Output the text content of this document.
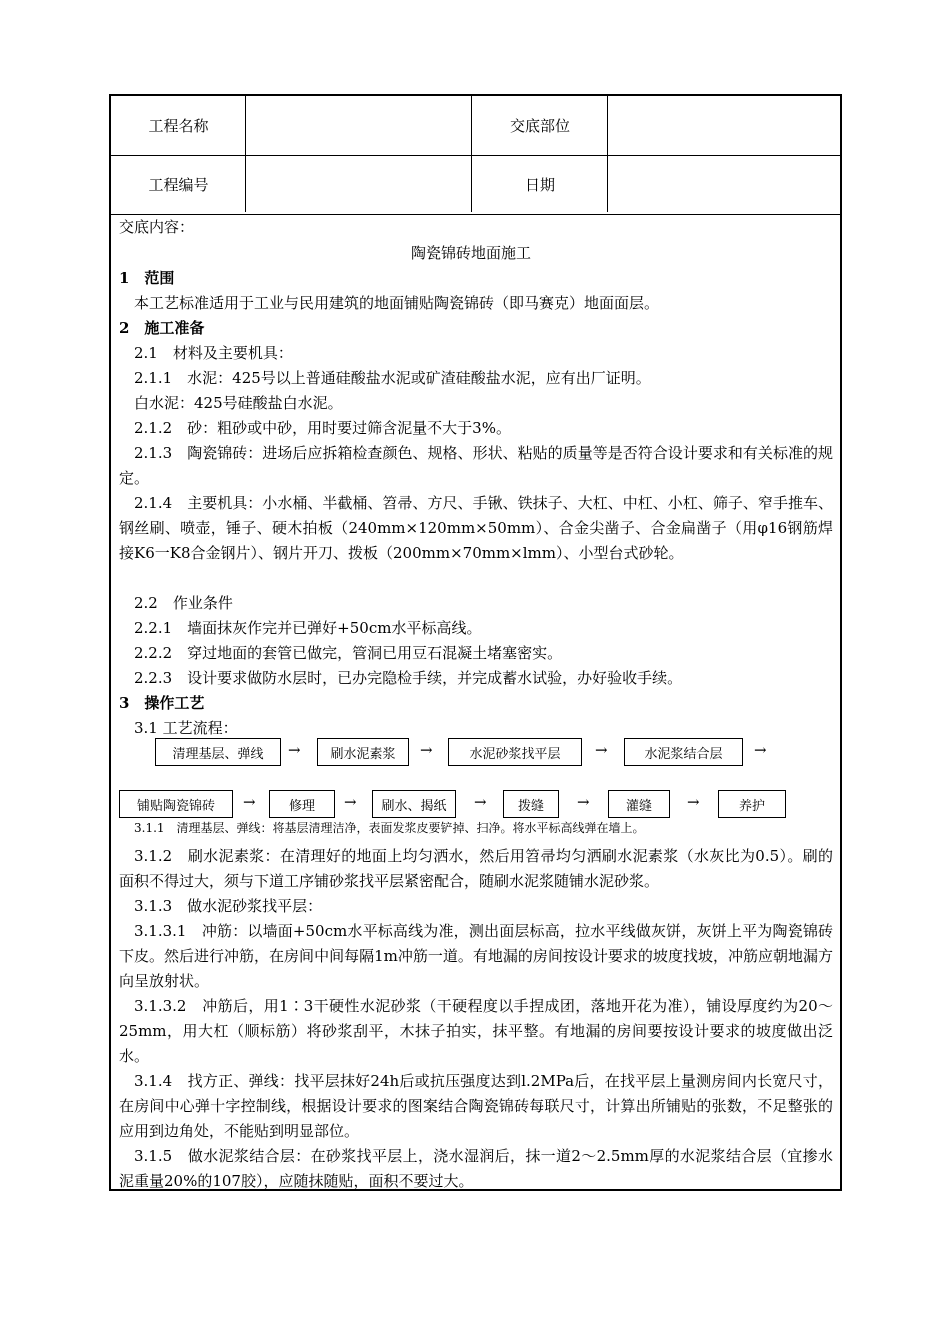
工程名称	交底部位
工程编号	日期
交底内容：
陶瓷锦砖地面施工
1　范围
本工艺标准适用于工业与民用建筑的地面铺贴陶瓷锦砖（即马赛克）地面面层。
2　施工准备
2.1　材料及主要机具：
2.1.1　水泥：425号以上普通硅酸盐水泥或矿渣硅酸盐水泥，应有出厂证明。
白水泥：425号硅酸盐白水泥。
2.1.2　砂：粗砂或中砂，用时要过筛含泥量不大于3%。
2.1.3　陶瓷锦砖：进场后应拆箱检查颜色、规格、形状、粘贴的质量等是否符合设计要求和有关标准的规定。
2.1.4　主要机具：小水桶、半截桶、笤帚、方尺、手锹、铁抹子、大杠、中杠、小杠、筛子、窄手推车、钢丝刷、喷壶，锤子、硬木拍板（240mm×120mm×50mm）、合金尖凿子、合金扁凿子（用φ16钢筋焊接K6一K8合金钢片）、钢片开刀、拨板（200mm×70mm×lmm）、小型台式砂轮。
2.2　作业条件
2.2.1　墙面抹灰作完并已弹好+50cm水平标高线。
2.2.2　穿过地面的套管已做完，管洞已用豆石混凝土堵塞密实。
2.2.3　设计要求做防水层时，已办完隐检手续，并完成蓄水试验，办好验收手续。
3　操作工艺
3.1 工艺流程：
清理基层、弹线	→	刷水泥素浆	→	水泥砂浆找平层	→	水泥浆结合层	→
铺贴陶瓷锦砖	→	修理	→	刷水、揭纸	→	拨缝	→	灌缝	→	养护
3.1.1　清理基层、弹线：将基层清理洁净，表面发浆皮要铲掉、扫净。将水平标高线弹在墙上。
3.1.2　刷水泥素浆：在清理好的地面上均匀洒水，然后用笤帚均匀洒刷水泥素浆（水灰比为0.5）。刷的面积不得过大，须与下道工序铺砂浆找平层紧密配合，随刷水泥浆随铺水泥砂浆。
3.1.3　做水泥砂浆找平层：
3.1.3.1　冲筋：以墙面+50cm水平标高线为准，测出面层标高，拉水平线做灰饼，灰饼上平为陶瓷锦砖下皮。然后进行冲筋，在房间中间每隔1m冲筋一道。有地漏的房间按设计要求的坡度找坡，冲筋应朝地漏方向呈放射状。
3.1.3.2　冲筋后，用1∶3干硬性水泥砂浆（干硬程度以手捏成团，落地开花为准），铺设厚度约为20～25mm，用大杠（顺标筋）将砂浆刮平，木抹子拍实，抹平整。有地漏的房间要按设计要求的坡度做出泛水。
3.1.4　找方正、弹线：找平层抹好24h后或抗压强度达到l.2MPa后，在找平层上量测房间内长宽尺寸，在房间中心弹十字控制线，根据设计要求的图案结合陶瓷锦砖每联尺寸，计算出所铺贴的张数，不足整张的应用到边角处，不能贴到明显部位。
3.1.5　做水泥浆结合层：在砂浆找平层上，浇水湿润后，抹一道2～2.5mm厚的水泥浆结合层（宜掺水泥重量20%的107胶），应随抹随贴，面积不要过大。
